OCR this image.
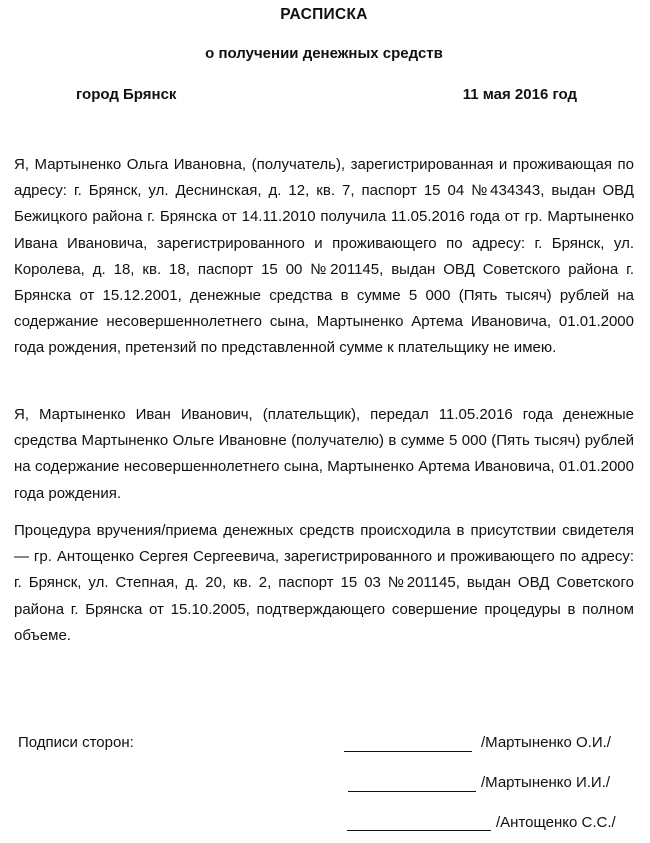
РАСПИСКА
о получении денежных средств
город Брянск	11 мая 2016 год

Я, Мартыненко Ольга Ивановна, (получатель), зарегистрированная и проживающая по адресу: г. Брянск, ул. Деснинская, д. 12, кв. 7, паспорт 15 04 №434343, выдан ОВД Бежицкого района г. Брянска от 14.11.2010 получила 11.05.2016 года от гр. Мартыненко Ивана Ивановича, зарегистрированного и проживающего по адресу: г. Брянск, ул. Королева, д. 18, кв. 18, паспорт 15 00 №201145, выдан ОВД Советского района г. Брянска от 15.12.2001, денежные средства в сумме 5 000 (Пять тысяч) рублей на содержание несовершеннолетнего сына, Мартыненко Артема Ивановича, 01.01.2000 года рождения, претензий по представленной сумме к плательщику не имею.

Я, Мартыненко Иван Иванович, (плательщик), передал 11.05.2016 года денежные средства Мартыненко Ольге Ивановне (получателю) в сумме 5 000 (Пять тысяч) рублей на содержание несовершеннолетнего сына, Мартыненко Артема Ивановича, 01.01.2000 года рождения.

Процедура вручения/приема денежных средств происходила в присутствии свидетеля — гр. Антощенко Сергея Сергеевича, зарегистрированного и проживающего по адресу: г. Брянск, ул. Степная, д. 20, кв. 2, паспорт 15 03 №201145, выдан ОВД Советского района г. Брянска от 15.10.2005, подтверждающего совершение процедуры в полном объеме.

Подписи сторон:	/Мартыненко О.И./
/Мартыненко И.И./
/Антощенко С.С./
